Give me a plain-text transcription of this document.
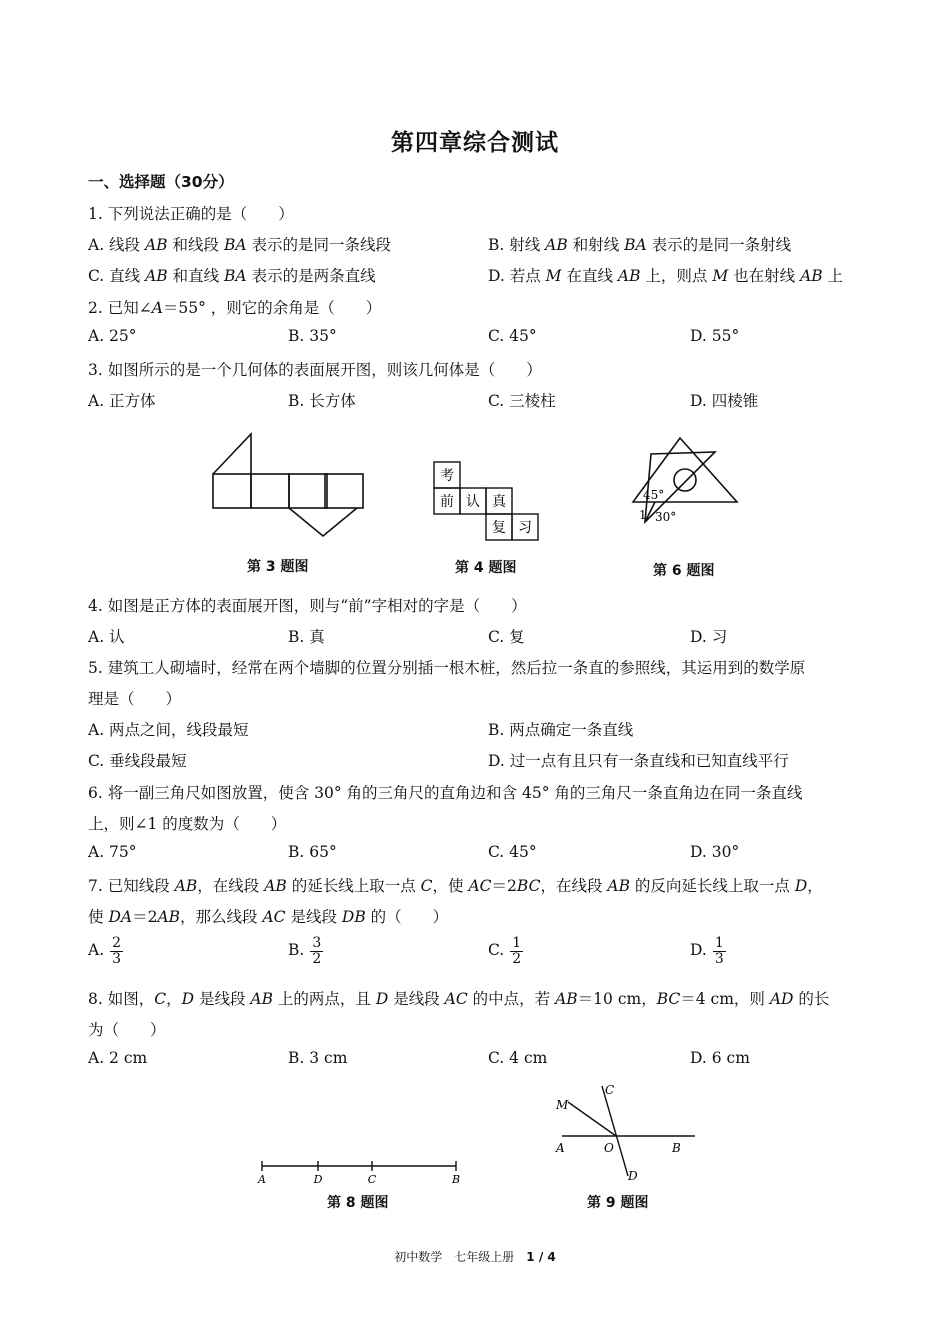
第四章综合测试
一、选择题（30分）
1. 下列说法正确的是（　　）
A. 线段 AB 和线段 BA 表示的是同一条线段	B. 射线 AB 和射线 BA 表示的是同一条射线
C. 直线 AB 和直线 BA 表示的是两条直线	D. 若点 M 在直线 AB 上，则点 M 也在射线 AB 上
2. 已知∠A＝55° ，则它的余角是（　　）
A. 25°	B. 35°	C. 45°	D. 55°
3. 如图所示的是一个几何体的表面展开图，则该几何体是（　　）
A. 正方体	B. 长方体	C. 三棱柱	D. 四棱锥
第 3 题图
考
前 认 真
复 习
第 4 题图
45°
1 30°
第 6 题图
4. 如图是正方体的表面展开图，则与“前”字相对的字是（　　）
A. 认	B. 真	C. 复	D. 习
5. 建筑工人砌墙时，经常在两个墙脚的位置分别插一根木桩，然后拉一条直的参照线，其运用到的数学原
理是（　　）
A. 两点之间，线段最短	B. 两点确定一条直线
C. 垂线段最短	D. 过一点有且只有一条直线和已知直线平行
6. 将一副三角尺如图放置，使含 30° 角的三角尺的直角边和含 45° 角的三角尺一条直角边在同一条直线
上，则∠1 的度数为（　　）
A. 75°	B. 65°	C. 45°	D. 30°
7. 已知线段 AB，在线段 AB 的延长线上取一点 C，使 AC＝2BC，在线段 AB 的反向延长线上取一点 D，
使 DA＝2AB，那么线段 AC 是线段 DB 的（　　）
A. $\frac{2}{3}$	B. $\frac{3}{2}$	C. $\frac{1}{2}$	D. $\frac{1}{3}$
8. 如图，C，D 是线段 AB 上的两点，且 D 是线段 AC 的中点，若 AB＝10 cm，BC＝4 cm，则 AD 的长
为（　　）
A. 2 cm	B. 3 cm	C. 4 cm	D. 6 cm
A	D	C	B
第 8 题图
M
C
A	O	B
D
第 9 题图
初中数学　七年级上册　 1 / 4
